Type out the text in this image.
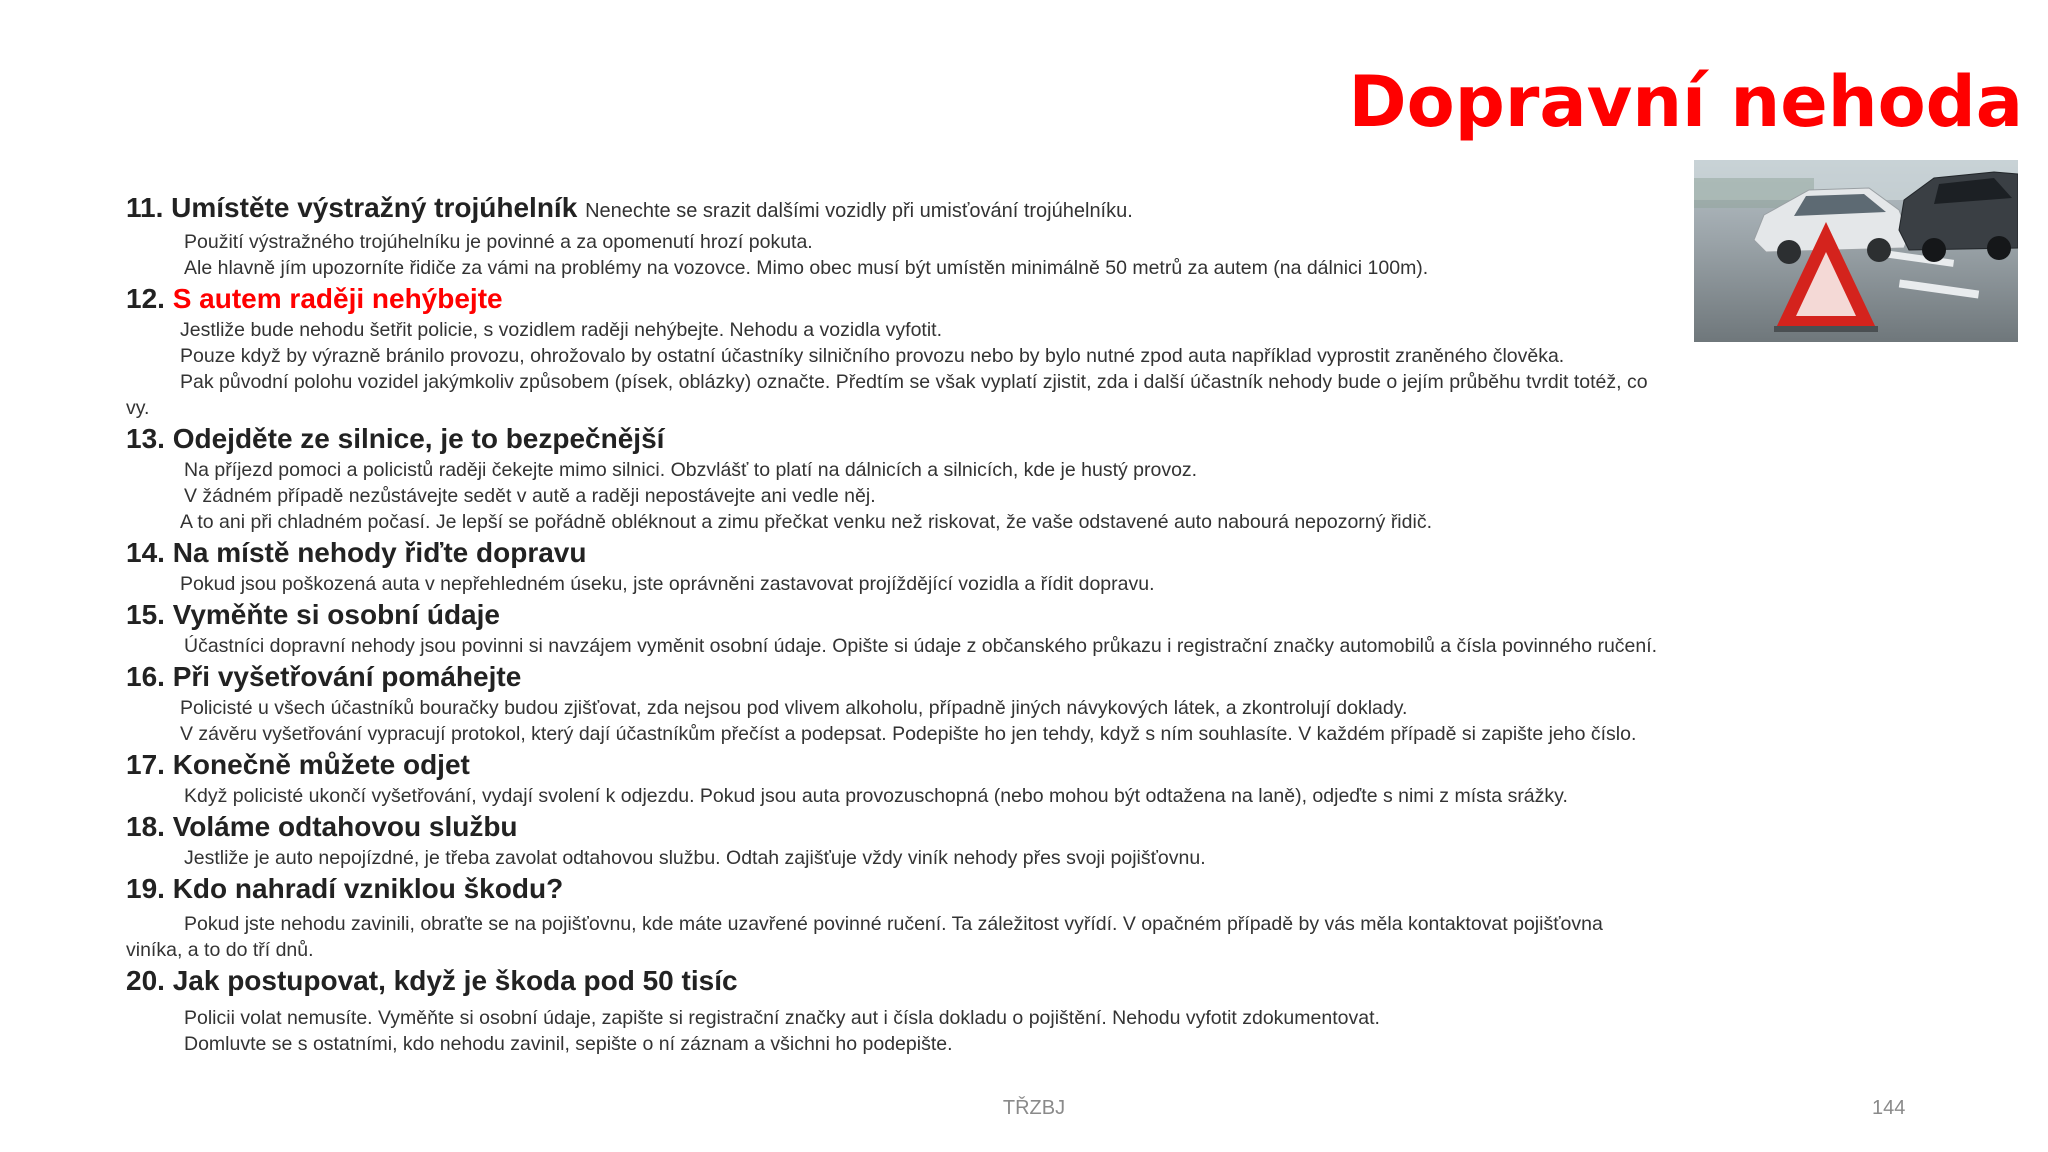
Dopravní nehoda
11. Umístěte výstražný trojúhelník Nenechte se srazit dalšími vozidly při umisťování trojúhelníku.
Použití výstražného trojúhelníku je povinné a za opomenutí hrozí pokuta.
Ale hlavně jím upozorníte řidiče za vámi na problémy na vozovce. Mimo obec musí být umístěn minimálně 50 metrů za autem (na dálnici 100m).
12. S autem raději nehýbejte
Jestliže bude nehodu šetřit policie, s vozidlem raději nehýbejte. Nehodu a vozidla vyfotit.
Pouze když by výrazně bránilo provozu, ohrožovalo by ostatní účastníky silničního provozu nebo by bylo nutné zpod auta například vyprostit zraněného člověka.
Pak původní polohu vozidel jakýmkoliv způsobem (písek, oblázky) označte. Předtím se však vyplatí zjistit, zda i další účastník nehody bude o jejím průběhu tvrdit totéž, co
vy.
13. Odejděte ze silnice, je to bezpečnější
Na příjezd pomoci a policistů raději čekejte mimo silnici. Obzvlášť to platí na dálnicích a silnicích, kde je hustý provoz.
V žádném případě nezůstávejte sedět v autě a raději nepostávejte ani vedle něj.
A to ani při chladném počasí. Je lepší se pořádně obléknout a zimu přečkat venku než riskovat, že vaše odstavené auto nabourá nepozorný řidič.
14. Na místě nehody řiďte dopravu
Pokud jsou poškozená auta v nepřehledném úseku, jste oprávněni zastavovat projíždějící vozidla a řídit dopravu.
15. Vyměňte si osobní údaje
Účastníci dopravní nehody jsou povinni si navzájem vyměnit osobní údaje. Opište si údaje z občanského průkazu i registrační značky automobilů a čísla povinného ručení.
16. Při vyšetřování pomáhejte
Policisté u všech účastníků bouračky budou zjišťovat, zda nejsou pod vlivem alkoholu, případně jiných návykových látek, a zkontrolují doklady.
V závěru vyšetřování vypracují protokol, který dají účastníkům přečíst a podepsat. Podepište ho jen tehdy, když s ním souhlasíte. V každém případě si zapište jeho číslo.
17. Konečně můžete odjet
Když policisté ukončí vyšetřování, vydají svolení k odjezdu. Pokud jsou auta provozuschopná (nebo mohou být odtažena na laně), odjeďte s nimi z místa srážky.
18. Voláme odtahovou službu
Jestliže je auto nepojízdné, je třeba zavolat odtahovou službu. Odtah zajišťuje vždy viník nehody přes svoji pojišťovnu.
19. Kdo nahradí vzniklou škodu?
Pokud jste nehodu zavinili, obraťte se na pojišťovnu, kde máte uzavřené povinné ručení. Ta záležitost vyřídí. V opačném případě by vás měla kontaktovat pojišťovna
viníka, a to do tří dnů.
20. Jak postupovat, když je škoda pod 50 tisíc
Policii volat nemusíte. Vyměňte si osobní údaje, zapište si registrační značky aut i čísla dokladu o pojištění. Nehodu vyfotit zdokumentovat.
Domluvte se s ostatními, kdo nehodu zavinil, sepište o ní záznam a všichni ho podepište.
TŘZBJ	144
